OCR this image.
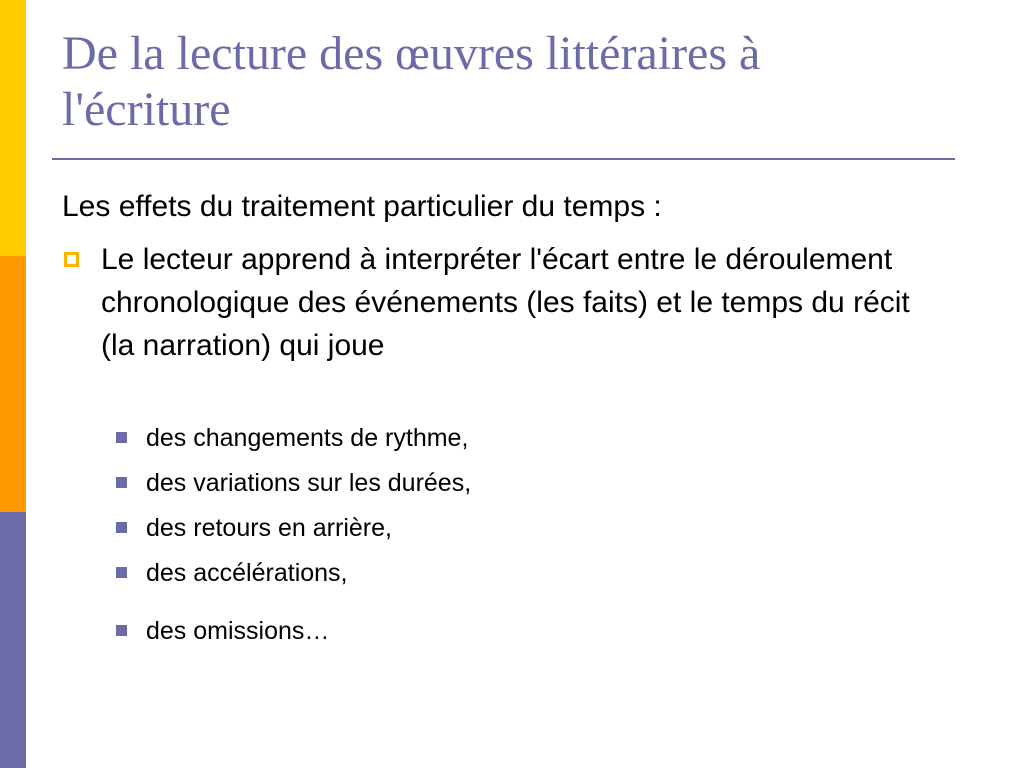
De la lecture des œuvres littéraires à
l'écriture

Les effets du traitement particulier du temps :

Le lecteur apprend à interpréter l'écart entre le déroulement chronologique des événements (les faits) et le temps du récit (la narration) qui joue

des changements de rythme,
des variations sur les durées,
des retours en arrière,
des accélérations,
des omissions…
